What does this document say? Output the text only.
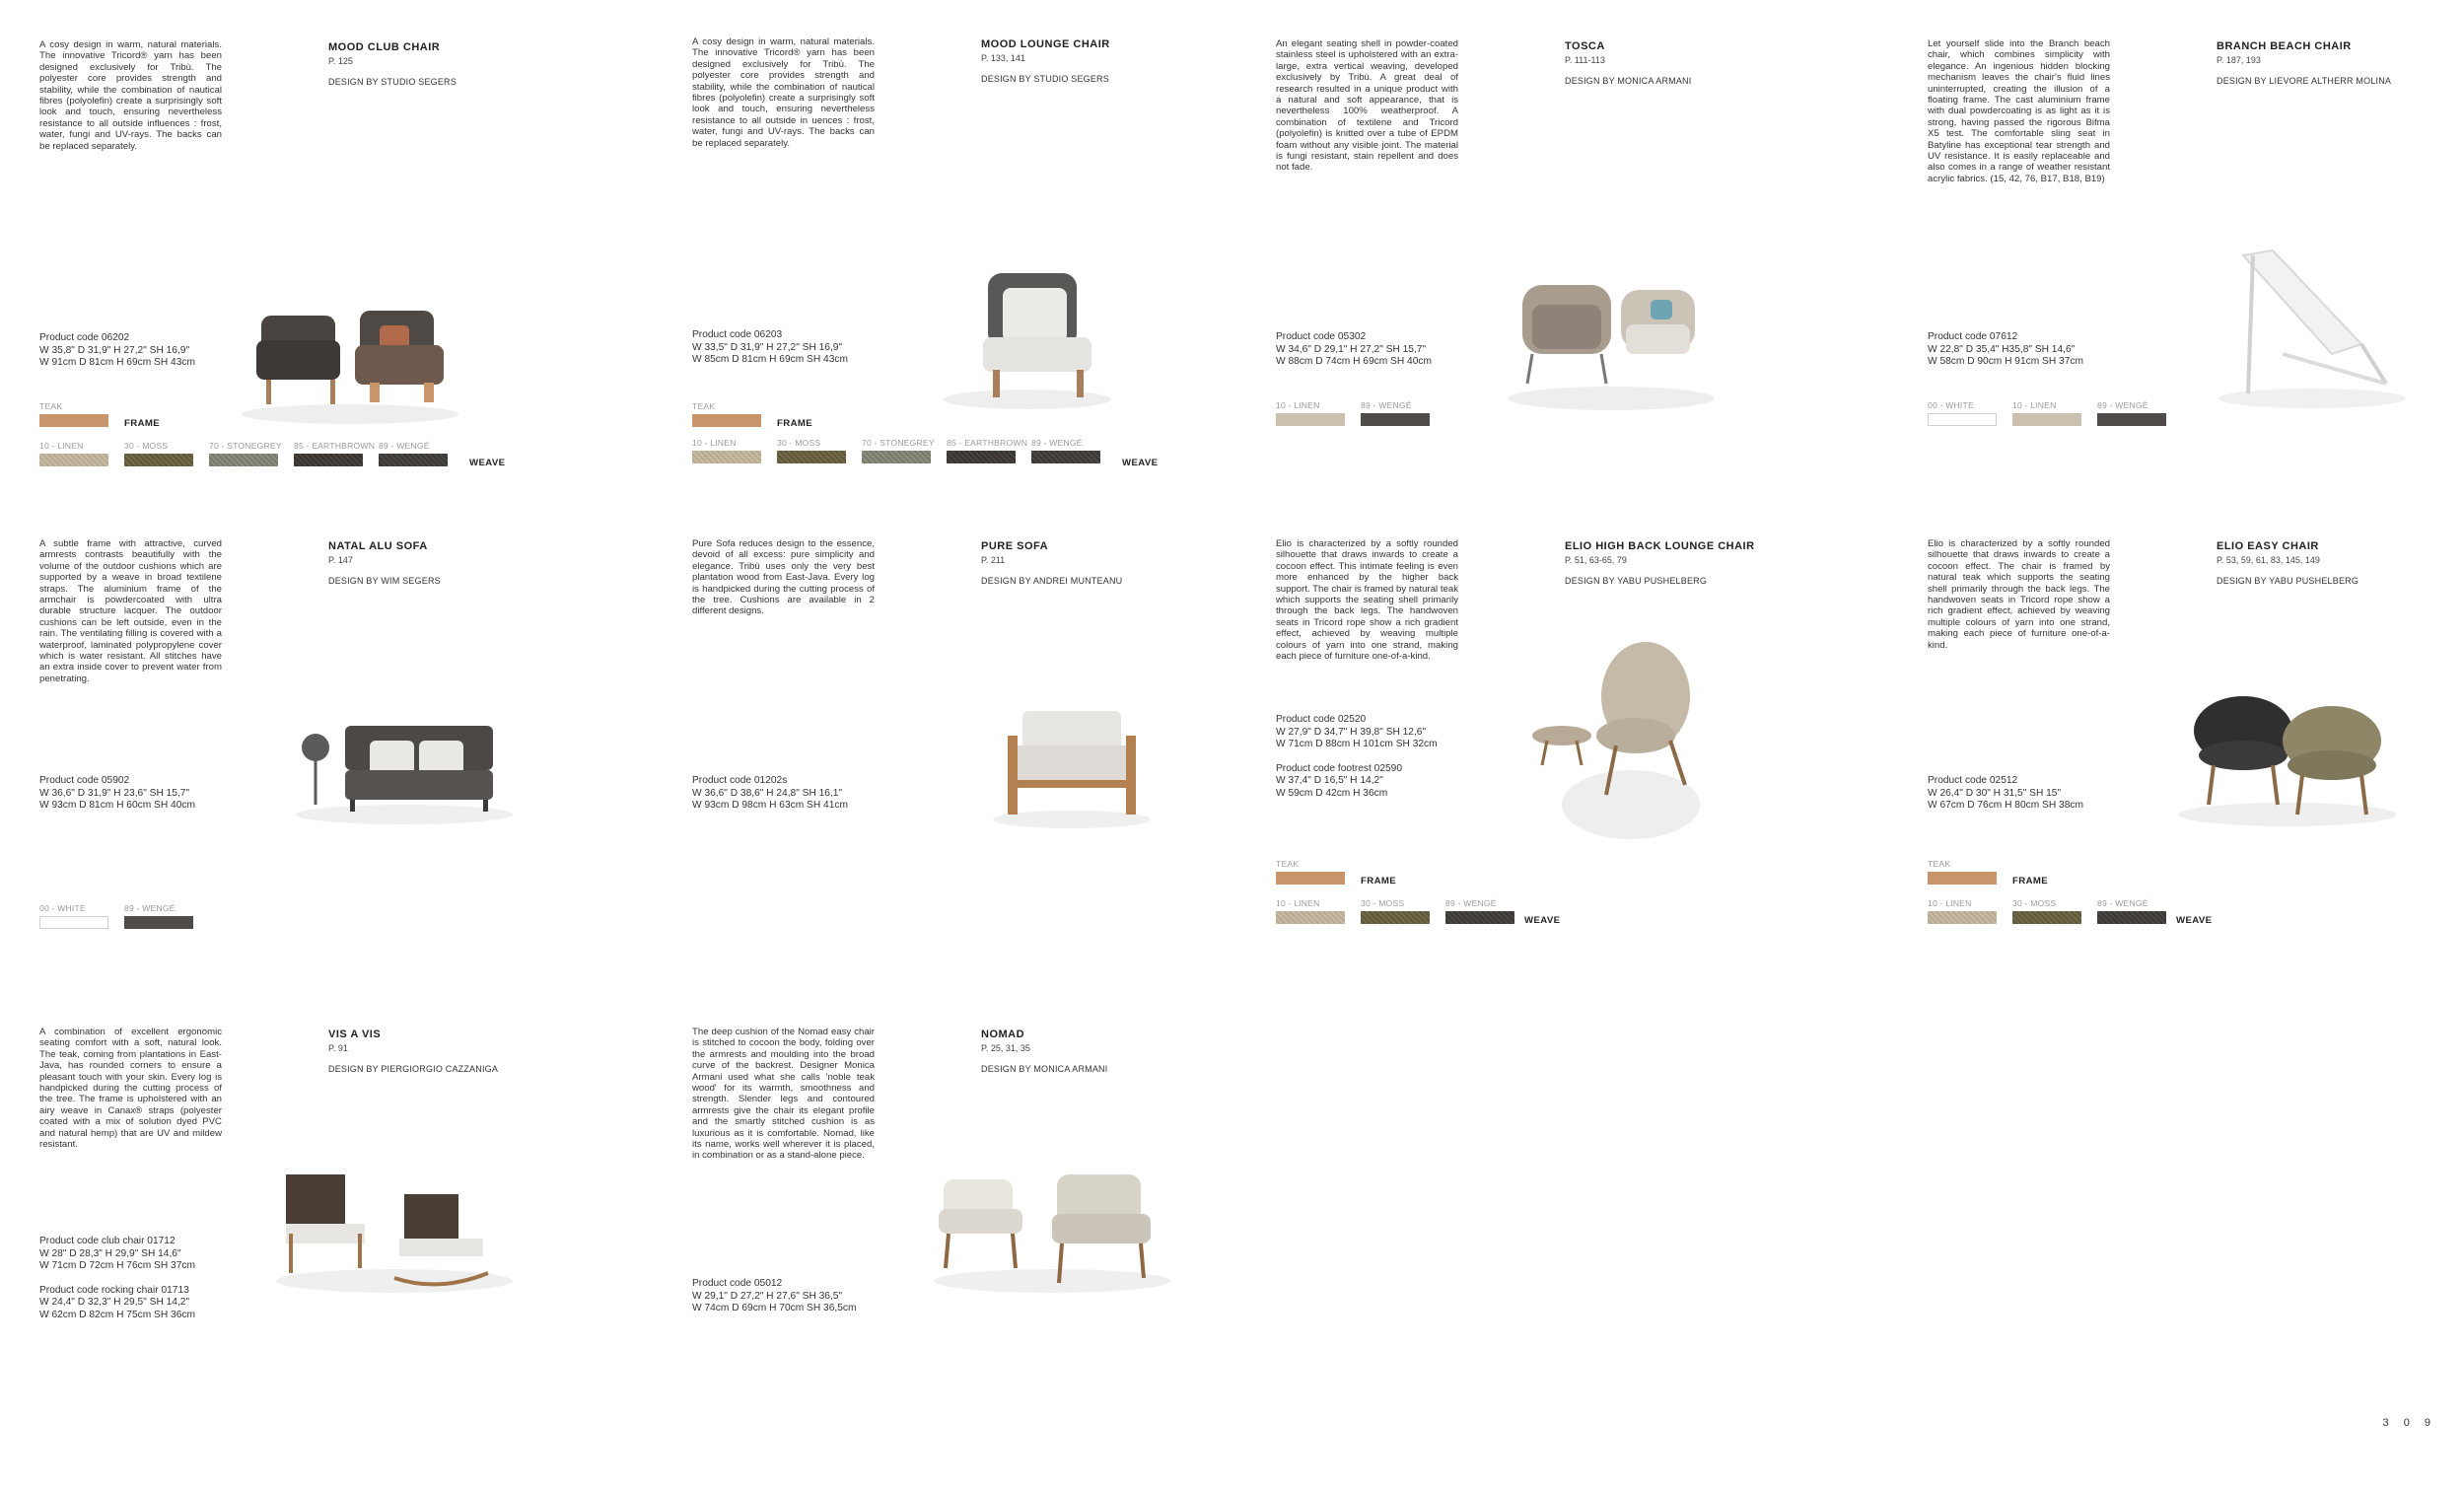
A cosy design in warm, natural materials. The innovative Tricord® yarn has been designed exclusively for Tribù. The polyester core provides strength and stability, while the combination of nautical fibres (polyolefin) create a surprisingly soft look and touch, ensuring nevertheless resistance to all outside influences : frost, water, fungi and UV-rays. The backs can be replaced separately.
MOOD CLUB CHAIR
P. 125
DESIGN BY STUDIO SEGERS
Product code 06202
W 35,8" D 31,9" H 27,2" SH 16,9"
W 91cm D 81cm H 69cm SH 43cm
TEAK
FRAME
10 - LINEN	30 - MOSS	70 - STONEGREY 85 - EARTHBROWN 89 - WENGÉ
WEAVE
A cosy design in warm, natural materials. The innovative Tricord® yarn has been designed exclusively for Tribù. The polyester core provides strength and stability, while the combination of nautical fibres (polyolefin) create a surprisingly soft look and touch, ensuring nevertheless resistance to all outside in uences : frost, water, fungi and UV-rays. The backs can be replaced separately.
MOOD LOUNGE CHAIR
P. 133, 141
DESIGN BY STUDIO SEGERS
Product code 06203
W 33,5" D 31,9" H 27,2" SH 16,9"
W 85cm D 81cm H 69cm SH 43cm
TEAK
FRAME
10 - LINEN	30 - MOSS	70 - STONEGREY 85 - EARTHBROWN 89 - WENGÉ
WEAVE
An elegant seating shell in powder-coated stainless steel is upholstered with an extra-large, extra vertical weaving, developed exclusively by Tribù. A great deal of research resulted in a unique product with a natural and soft appearance, that is nevertheless 100% weatherproof. A combination of textilene and Tricord (polyolefin) is knitted over a tube of EPDM foam without any visible joint. The material is fungi resistant, stain repellent and does not fade.
TOSCA
P. 111-113
DESIGN BY MONICA ARMANI
Product code 05302
W 34,6" D 29,1" H 27,2" SH 15,7"
W 88cm D 74cm H 69cm SH 40cm
10 - LINEN	89 - WENGÉ
Let yourself slide into the Branch beach chair, which combines simplicity with elegance. An ingenious hidden blocking mechanism leaves the chair's fluid lines uninterrupted, creating the illusion of a floating frame. The cast aluminium frame with dual powdercoating is as light as it is strong, having passed the rigorous Bifma X5 test. The comfortable sling seat in Batyline has exceptional tear strength and UV resistance. It is easily replaceable and also comes in a range of weather resistant acrylic fabrics. (15, 42, 76, B17, B18, B19)
BRANCH BEACH CHAIR
P. 187, 193
DESIGN BY LIEVORE ALTHERR MOLINA
Product code 07612
W 22,8" D 35,4" H35,8" SH 14,6"
W 58cm D 90cm H 91cm SH 37cm
00 - WHITE	10 - LINEN	89 - WENGÉ
A subtle frame with attractive, curved armrests contrasts beautifully with the volume of the outdoor cushions which are supported by a weave in broad textilene straps. The aluminium frame of the armchair is powdercoated with ultra durable structure lacquer. The outdoor cushions can be left outside, even in the rain. The ventilating filling is covered with a waterproof, laminated polypropylene cover which is water resistant. All stitches have an extra inside cover to prevent water from penetrating.
NATAL ALU SOFA
P. 147
DESIGN BY WIM SEGERS
Product code 05902
W 36,6" D 31,9" H 23,6" SH 15,7"
W 93cm D 81cm H 60cm SH 40cm
00 - WHITE	89 - WENGÉ
Pure Sofa reduces design to the essence, devoid of all excess: pure simplicity and elegance. Tribù uses only the very best plantation wood from East-Java. Every log is handpicked during the cutting process of the tree. Cushions are available in 2 different designs.
PURE SOFA
P. 211
DESIGN BY ANDREI MUNTEANU
Product code 01202s
W 36,6" D 38,6" H 24,8" SH 16,1"
W 93cm D 98cm H 63cm SH 41cm
Elio is characterized by a softly rounded silhouette that draws inwards to create a cocoon effect. This intimate feeling is even more enhanced by the higher back support. The chair is framed by natural teak which supports the seating shell primarily through the back legs. The handwoven seats in Tricord rope show a rich gradient effect, achieved by weaving multiple colours of yarn into one strand, making each piece of furniture one-of-a-kind.
ELIO HIGH BACK LOUNGE CHAIR
P. 51, 63-65, 79
DESIGN BY YABU PUSHELBERG
Product code 02520
W 27,9" D 34,7" H 39,8" SH 12,6"
W 71cm D 88cm H 101cm SH 32cm
Product code footrest 02590
W 37,4" D 16,5" H 14,2"
W 59cm D 42cm H 36cm
TEAK
FRAME
10 - LINEN	30 - MOSS	89 - WENGÉ
WEAVE
Elio is characterized by a softly rounded silhouette that draws inwards to create a cocoon effect. The chair is framed by natural teak which supports the seating shell primarily through the back legs. The handwoven seats in Tricord rope show a rich gradient effect, achieved by weaving multiple colours of yarn into one strand, making each piece of furniture one-of-a-kind.
ELIO EASY CHAIR
P. 53, 59, 61, 83, 145, 149
DESIGN BY YABU PUSHELBERG
Product code 02512
W 26,4" D 30" H 31,5" SH 15"
W 67cm D 76cm H 80cm SH 38cm
TEAK
FRAME
10 - LINEN	30 - MOSS	89 - WENGÉ
WEAVE
A combination of excellent ergonomic seating comfort with a soft, natural look. The teak, coming from plantations in East-Java, has rounded corners to ensure a pleasant touch with your skin. Every log is handpicked during the cutting process of the tree. The frame is upholstered with an airy weave in Canax® straps (polyester coated with a mix of solution dyed PVC and natural hemp) that are UV and mildew resistant.
VIS A VIS
P. 91
DESIGN BY PIERGIORGIO CAZZANIGA
Product code club chair 01712
W 28" D 28,3" H 29,9" SH 14,6"
W 71cm D 72cm H 76cm SH 37cm
Product code rocking chair 01713
W 24,4" D 32,3" H 29,5" SH 14,2"
W 62cm D 82cm H 75cm SH 36cm
The deep cushion of the Nomad easy chair is stitched to cocoon the body, folding over the armrests and moulding into the broad curve of the backrest. Designer Monica Armani used what she calls 'noble teak wood' for its warmth, smoothness and strength. Slender legs and contoured armrests give the chair its elegant profile and the smartly stitched cushion is as luxurious as it is comfortable. Nomad, like its name, works well wherever it is placed, in combination or as a stand-alone piece.
NOMAD
P. 25, 31, 35
DESIGN BY MONICA ARMANI
Product code 05012
W 29,1" D 27,2" H 27,6" SH 36,5"
W 74cm D 69cm H 70cm SH 36,5cm
3 0 9
